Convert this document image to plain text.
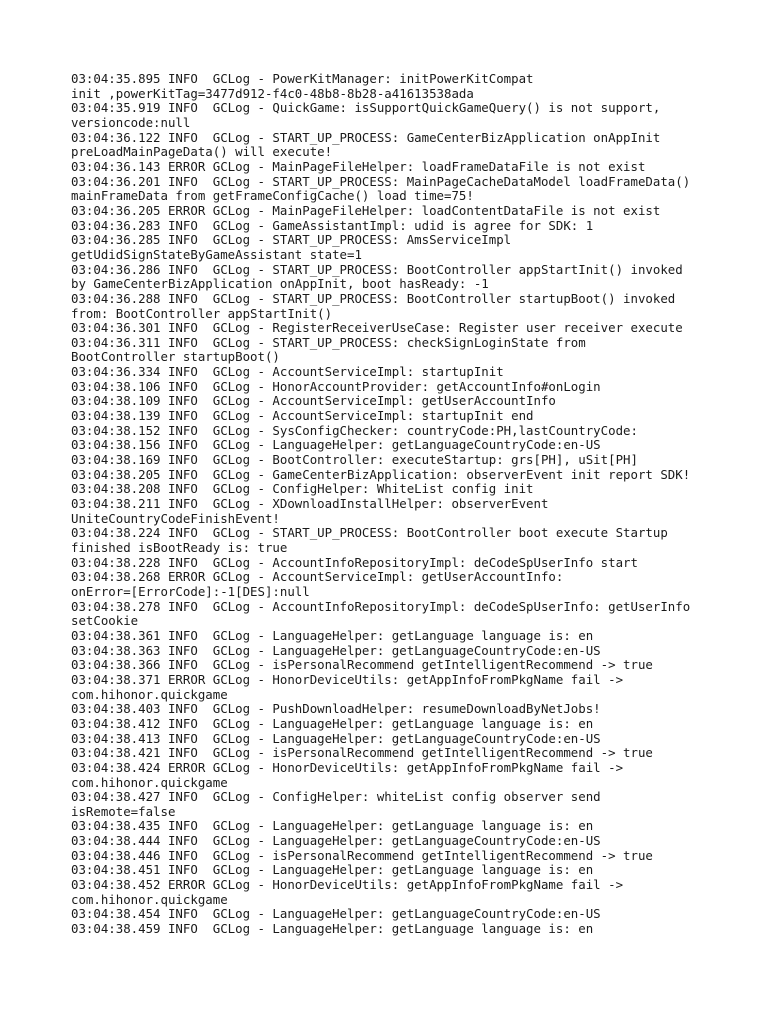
03:04:35.895 INFO  GCLog - PowerKitManager: initPowerKitCompat
init ,powerKitTag=3477d912-f4c0-48b8-8b28-a41613538ada
03:04:35.919 INFO  GCLog - QuickGame: isSupportQuickGameQuery() is not support,
versioncode:null
03:04:36.122 INFO  GCLog - START_UP_PROCESS: GameCenterBizApplication onAppInit
preLoadMainPageData() will execute!
03:04:36.143 ERROR GCLog - MainPageFileHelper: loadFrameDataFile is not exist
03:04:36.201 INFO  GCLog - START_UP_PROCESS: MainPageCacheDataModel loadFrameData()
mainFrameData from getFrameConfigCache() load time=75!
03:04:36.205 ERROR GCLog - MainPageFileHelper: loadContentDataFile is not exist
03:04:36.283 INFO  GCLog - GameAssistantImpl: udid is agree for SDK: 1
03:04:36.285 INFO  GCLog - START_UP_PROCESS: AmsServiceImpl
getUdidSignStateByGameAssistant state=1
03:04:36.286 INFO  GCLog - START_UP_PROCESS: BootController appStartInit() invoked
by GameCenterBizApplication onAppInit, boot hasReady: -1
03:04:36.288 INFO  GCLog - START_UP_PROCESS: BootController startupBoot() invoked
from: BootController appStartInit()
03:04:36.301 INFO  GCLog - RegisterReceiverUseCase: Register user receiver execute
03:04:36.311 INFO  GCLog - START_UP_PROCESS: checkSignLoginState from
BootController startupBoot()
03:04:36.334 INFO  GCLog - AccountServiceImpl: startupInit
03:04:38.106 INFO  GCLog - HonorAccountProvider: getAccountInfo#onLogin
03:04:38.109 INFO  GCLog - AccountServiceImpl: getUserAccountInfo
03:04:38.139 INFO  GCLog - AccountServiceImpl: startupInit end
03:04:38.152 INFO  GCLog - SysConfigChecker: countryCode:PH,lastCountryCode:
03:04:38.156 INFO  GCLog - LanguageHelper: getLanguageCountryCode:en-US
03:04:38.169 INFO  GCLog - BootController: executeStartup: grs[PH], uSit[PH]
03:04:38.205 INFO  GCLog - GameCenterBizApplication: observerEvent init report SDK!
03:04:38.208 INFO  GCLog - ConfigHelper: WhiteList config init
03:04:38.211 INFO  GCLog - XDownloadInstallHelper: observerEvent
UniteCountryCodeFinishEvent!
03:04:38.224 INFO  GCLog - START_UP_PROCESS: BootController boot execute Startup
finished isBootReady is: true
03:04:38.228 INFO  GCLog - AccountInfoRepositoryImpl: deCodeSpUserInfo start
03:04:38.268 ERROR GCLog - AccountServiceImpl: getUserAccountInfo:
onError=[ErrorCode]:-1[DES]:null
03:04:38.278 INFO  GCLog - AccountInfoRepositoryImpl: deCodeSpUserInfo: getUserInfo
setCookie
03:04:38.361 INFO  GCLog - LanguageHelper: getLanguage language is: en
03:04:38.363 INFO  GCLog - LanguageHelper: getLanguageCountryCode:en-US
03:04:38.366 INFO  GCLog - isPersonalRecommend getIntelligentRecommend -> true
03:04:38.371 ERROR GCLog - HonorDeviceUtils: getAppInfoFromPkgName fail ->
com.hihonor.quickgame
03:04:38.403 INFO  GCLog - PushDownloadHelper: resumeDownloadByNetJobs!
03:04:38.412 INFO  GCLog - LanguageHelper: getLanguage language is: en
03:04:38.413 INFO  GCLog - LanguageHelper: getLanguageCountryCode:en-US
03:04:38.421 INFO  GCLog - isPersonalRecommend getIntelligentRecommend -> true
03:04:38.424 ERROR GCLog - HonorDeviceUtils: getAppInfoFromPkgName fail ->
com.hihonor.quickgame
03:04:38.427 INFO  GCLog - ConfigHelper: whiteList config observer send
isRemote=false
03:04:38.435 INFO  GCLog - LanguageHelper: getLanguage language is: en
03:04:38.444 INFO  GCLog - LanguageHelper: getLanguageCountryCode:en-US
03:04:38.446 INFO  GCLog - isPersonalRecommend getIntelligentRecommend -> true
03:04:38.451 INFO  GCLog - LanguageHelper: getLanguage language is: en
03:04:38.452 ERROR GCLog - HonorDeviceUtils: getAppInfoFromPkgName fail ->
com.hihonor.quickgame
03:04:38.454 INFO  GCLog - LanguageHelper: getLanguageCountryCode:en-US
03:04:38.459 INFO  GCLog - LanguageHelper: getLanguage language is: en
